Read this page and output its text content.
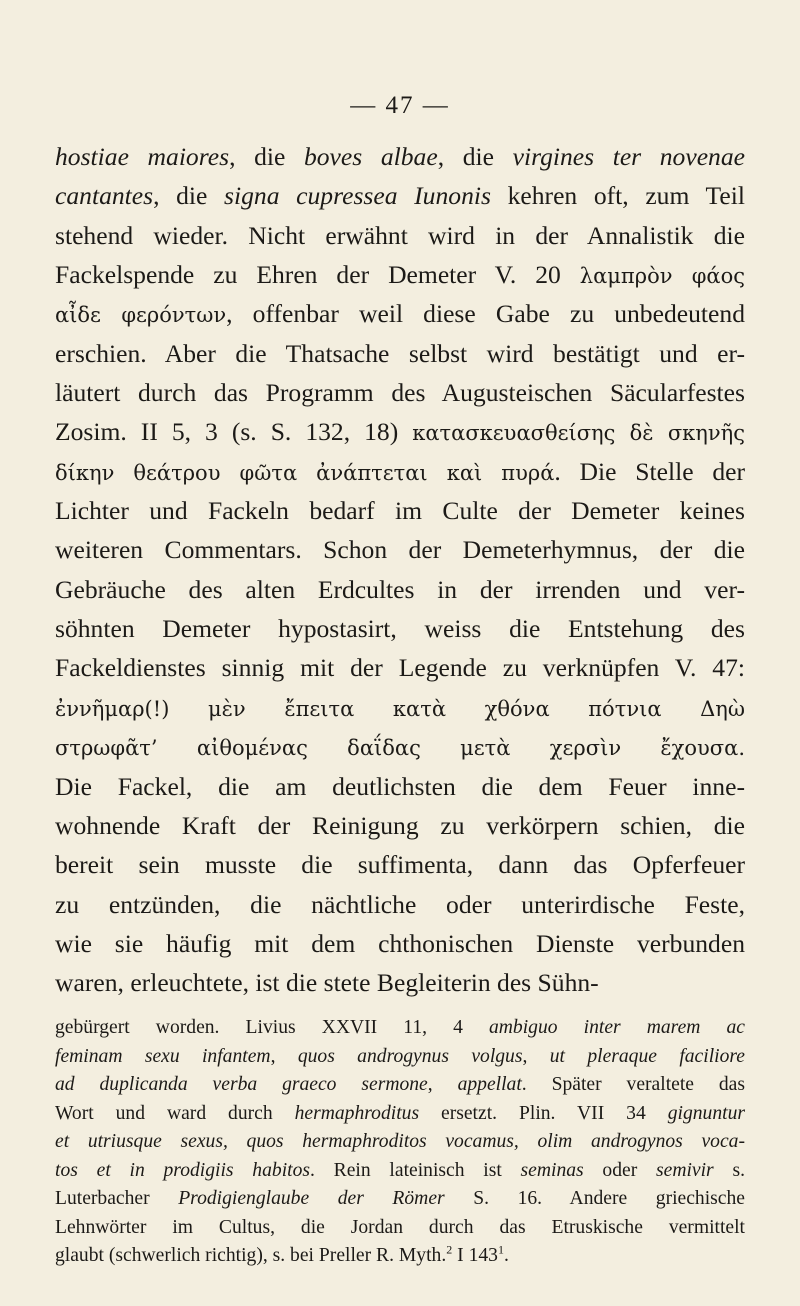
— 47 —
hostiae maiores, die boves albae, die virgines ter novenae
cantantes, die signa cupressea Iunonis kehren oft, zum Teil
stehend wieder. Nicht erwähnt wird in der Annalistik die
Fackelspende zu Ehren der Demeter V. 20 λαμπρὸν φάος
αἶδε φερόντων, offenbar weil diese Gabe zu unbedeutend
erschien. Aber die Thatsache selbst wird bestätigt und er-
läutert durch das Programm des Augusteischen Säcularfestes
Zosim. II 5, 3 (s. S. 132, 18) κατασκευασθείσης δὲ σκηνῆς
δίκην θεάτρου φῶτα ἀνάπτεται καὶ πυρά. Die Stelle der
Lichter und Fackeln bedarf im Culte der Demeter keines
weiteren Commentars. Schon der Demeterhymnus, der die
Gebräuche des alten Erdcultes in der irrenden und ver-
söhnten Demeter hypostasirt, weiss die Entstehung des
Fackeldienstes sinnig mit der Legende zu verknüpfen V. 47:
ἐννῆμαρ(!) μὲν ἔπειτα κατὰ χθόνα πότνια Δηὼ
στρωφᾶτ’ αἰθομένας δαΐδας μετὰ χερσὶν ἔχουσα.
Die Fackel, die am deutlichsten die dem Feuer inne-
wohnende Kraft der Reinigung zu verkörpern schien, die
bereit sein musste die suffimenta, dann das Opferfeuer
zu entzünden, die nächtliche oder unterirdische Feste,
wie sie häufig mit dem chthonischen Dienste verbunden
waren, erleuchtete, ist die stete Begleiterin des Sühn-
gebürgert worden. Livius XXVII 11, 4 ambiguo inter marem ac
feminam sexu infantem, quos androgynus volgus, ut pleraque faciliore
ad duplicanda verba graeco sermone, appellat. Später veraltete das
Wort und ward durch hermaphroditus ersetzt. Plin. VII 34 gignuntur
et utriusque sexus, quos hermaphroditos vocamus, olim androgynos voca-
tos et in prodigiis habitos. Rein lateinisch ist seminas oder semivir s.
Luterbacher Prodigienglaube der Römer S. 16. Andere griechische
Lehnwörter im Cultus, die Jordan durch das Etruskische vermittelt
glaubt (schwerlich richtig), s. bei Preller R. Myth.$^2$ I $143^1$.
